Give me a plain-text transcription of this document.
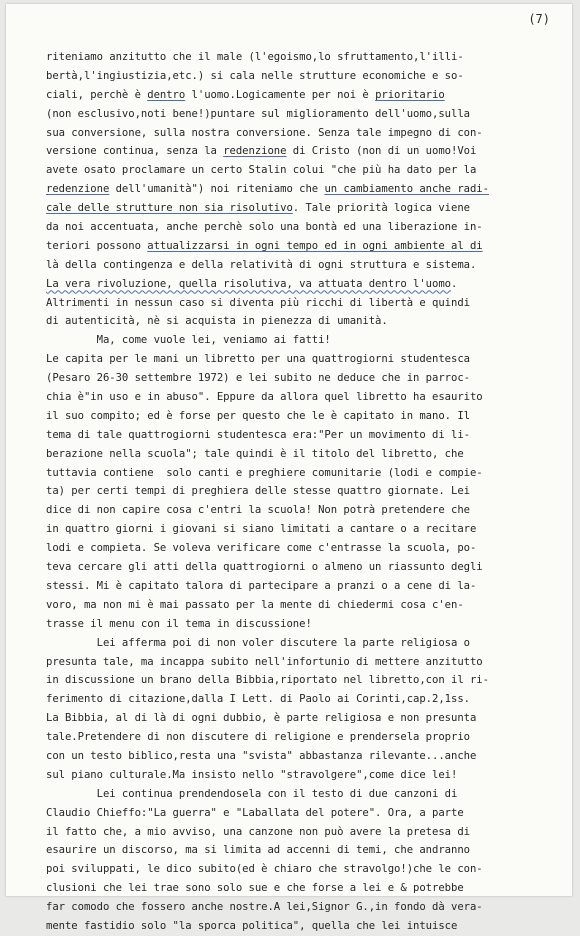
(7)
riteniamo anzitutto che il male (l'egoismo,lo sfruttamento,l'illi-
bertà,l'ingiustizia,etc.) si cala nelle strutture economiche e so-
ciali, perchè è dentro l'uomo.Logicamente per noi è prioritario
(non esclusivo,noti bene!)puntare sul miglioramento dell'uomo,sulla
sua conversione, sulla nostra conversione. Senza tale impegno di con-
versione continua, senza la redenzione di Cristo (non di un uomo!Voi
avete osato proclamare un certo Stalin colui "che più ha dato per la
redenzione dell'umanità") noi riteniamo che un cambiamento anche radi-
cale delle strutture non sia risolutivo. Tale priorità logica viene
da noi accentuata, anche perchè solo una bontà ed una liberazione in-
teriori possono attualizzarsi in ogni tempo ed in ogni ambiente al di
là della contingenza e della relatività di ogni struttura e sistema.
La vera rivoluzione, quella risolutiva, va attuata dentro l'uomo.
Altrimenti in nessun caso si diventa più ricchi di libertà e quindi
di autenticità, nè si acquista in pienezza di umanità.
Ma, come vuole lei, veniamo ai fatti!
Le capita per le mani un libretto per una quattrogiorni studentesca
(Pesaro 26-30 settembre 1972) e lei subito ne deduce che in parroc-
chia è"in uso e in abuso". Eppure da allora quel libretto ha esaurito
il suo compito; ed è forse per questo che le è capitato in mano. Il
tema di tale quattrogiorni studentesca era:"Per un movimento di li-
berazione nella scuola"; tale quindi è il titolo del libretto, che
tuttavia contiene  solo canti e preghiere comunitarie (lodi e compie-
ta) per certi tempi di preghiera delle stesse quattro giornate. Lei
dice di non capire cosa c'entri la scuola! Non potrà pretendere che
in quattro giorni i giovani si siano limitati a cantare o a recitare
lodi e compieta. Se voleva verificare come c'entrasse la scuola, po-
teva cercare gli atti della quattrogiorni o almeno un riassunto degli
stessi. Mi è capitato talora di partecipare a pranzi o a cene di la-
voro, ma non mi è mai passato per la mente di chiedermi cosa c'en-
trasse il menu con il tema in discussione!
Lei afferma poi di non voler discutere la parte religiosa o
presunta tale, ma incappa subito nell'infortunio di mettere anzitutto
in discussione un brano della Bibbia,riportato nel libretto,con il ri-
ferimento di citazione,dalla I Lett. di Paolo ai Corinti,cap.2,1ss.
La Bibbia, al di là di ogni dubbio, è parte religiosa e non presunta
tale.Pretendere di non discutere di religione e prendersela proprio
con un testo biblico,resta una "svista" abbastanza rilevante...anche
sul piano culturale.Ma insisto nello "stravolgere",come dice lei!
Lei continua prendendosela con il testo di due canzoni di
Claudio Chieffo:"La guerra" e "Laballata del potere". Ora, a parte
il fatto che, a mio avviso, una canzone non può avere la pretesa di
esaurire un discorso, ma si limita ad accenni di temi, che andranno
poi sviluppati, le dico subito(ed è chiaro che stravolgo!)che le con-
clusioni che lei trae sono solo sue e che forse a lei e & potrebbe
far comodo che fossero anche nostre.A lei,Signor G.,in fondo dà vera-
mente fastidio solo "la sporca politica", quella che lei intuisce
